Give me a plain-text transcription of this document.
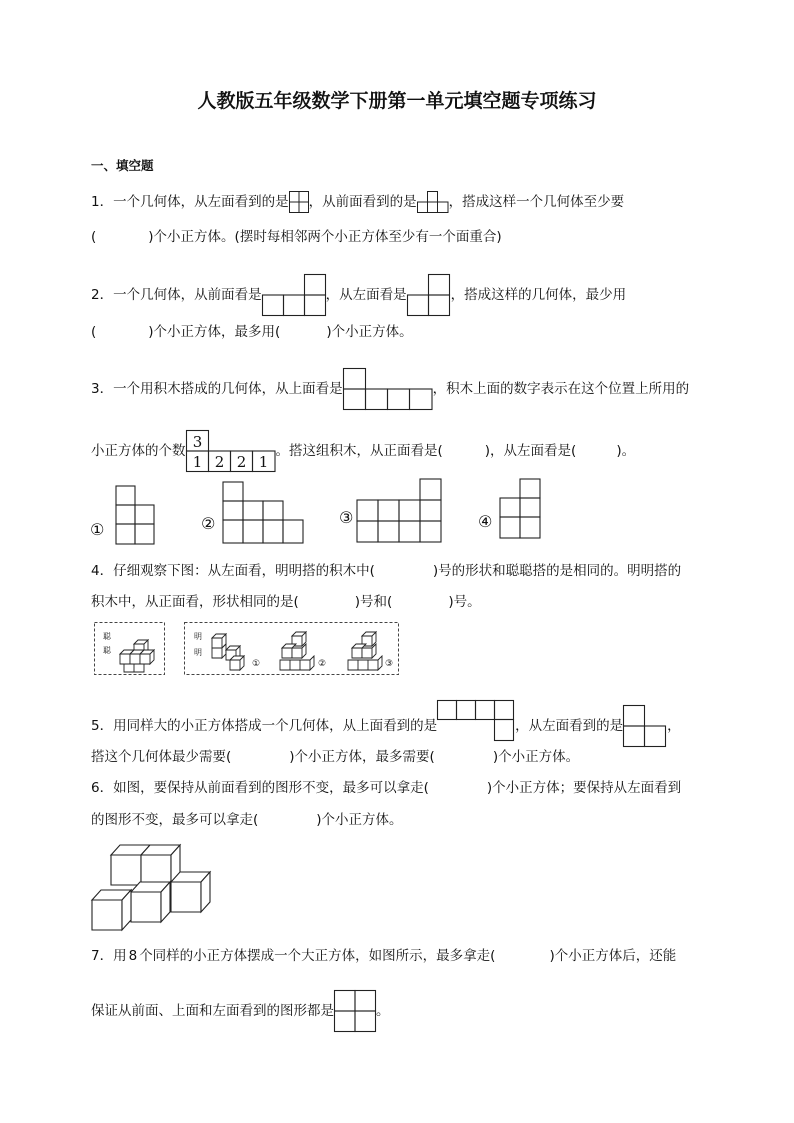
人教版五年级数学下册第一单元填空题专项练习
一、填空题
1．一个几何体，从左面看到的是 ，从前面看到的是 ，搭成这样一个几何体至少要
(	)个小正方体。(摆时每相邻两个小正方体至少有一个面重合)
2．一个几何体，从前面看是	，从左面看是	，搭成这样的几何体，最少用
(	)个小正方体，最多用(	)个小正方体。
3．一个用积木搭成的几何体，从上面看是	，积木上面的数字表示在这个位置上所用的
小正方体的个数 3
1 2 2 1
。搭这组积木，从正面看是(	)，从左面看是(	)。
①	②	③	④
4．仔细观察下图：从左面看，明明搭的积木中(	)号的形状和聪聪搭的是相同的。明明搭的
积木中，从正面看，形状相同的是(	)号和(	)号。
聪
聪
明
明
①	②	③
5．用同样大的小正方体搭成一个几何体，从上面看到的是	，从左面看到的是	，
搭这个几何体最少需要(	)个小正方体，最多需要(	)个小正方体。
6．如图，要保持从前面看到的图形不变，最多可以拿走(	)个小正方体；要保持从左面看到
的图形不变，最多可以拿走(	)个小正方体。
7．用 8 个同样的小正方体摆成一个大正方体，如图所示，最多拿走(	)个小正方体后，还能
保证从前面、上面和左面看到的图形都是	。
